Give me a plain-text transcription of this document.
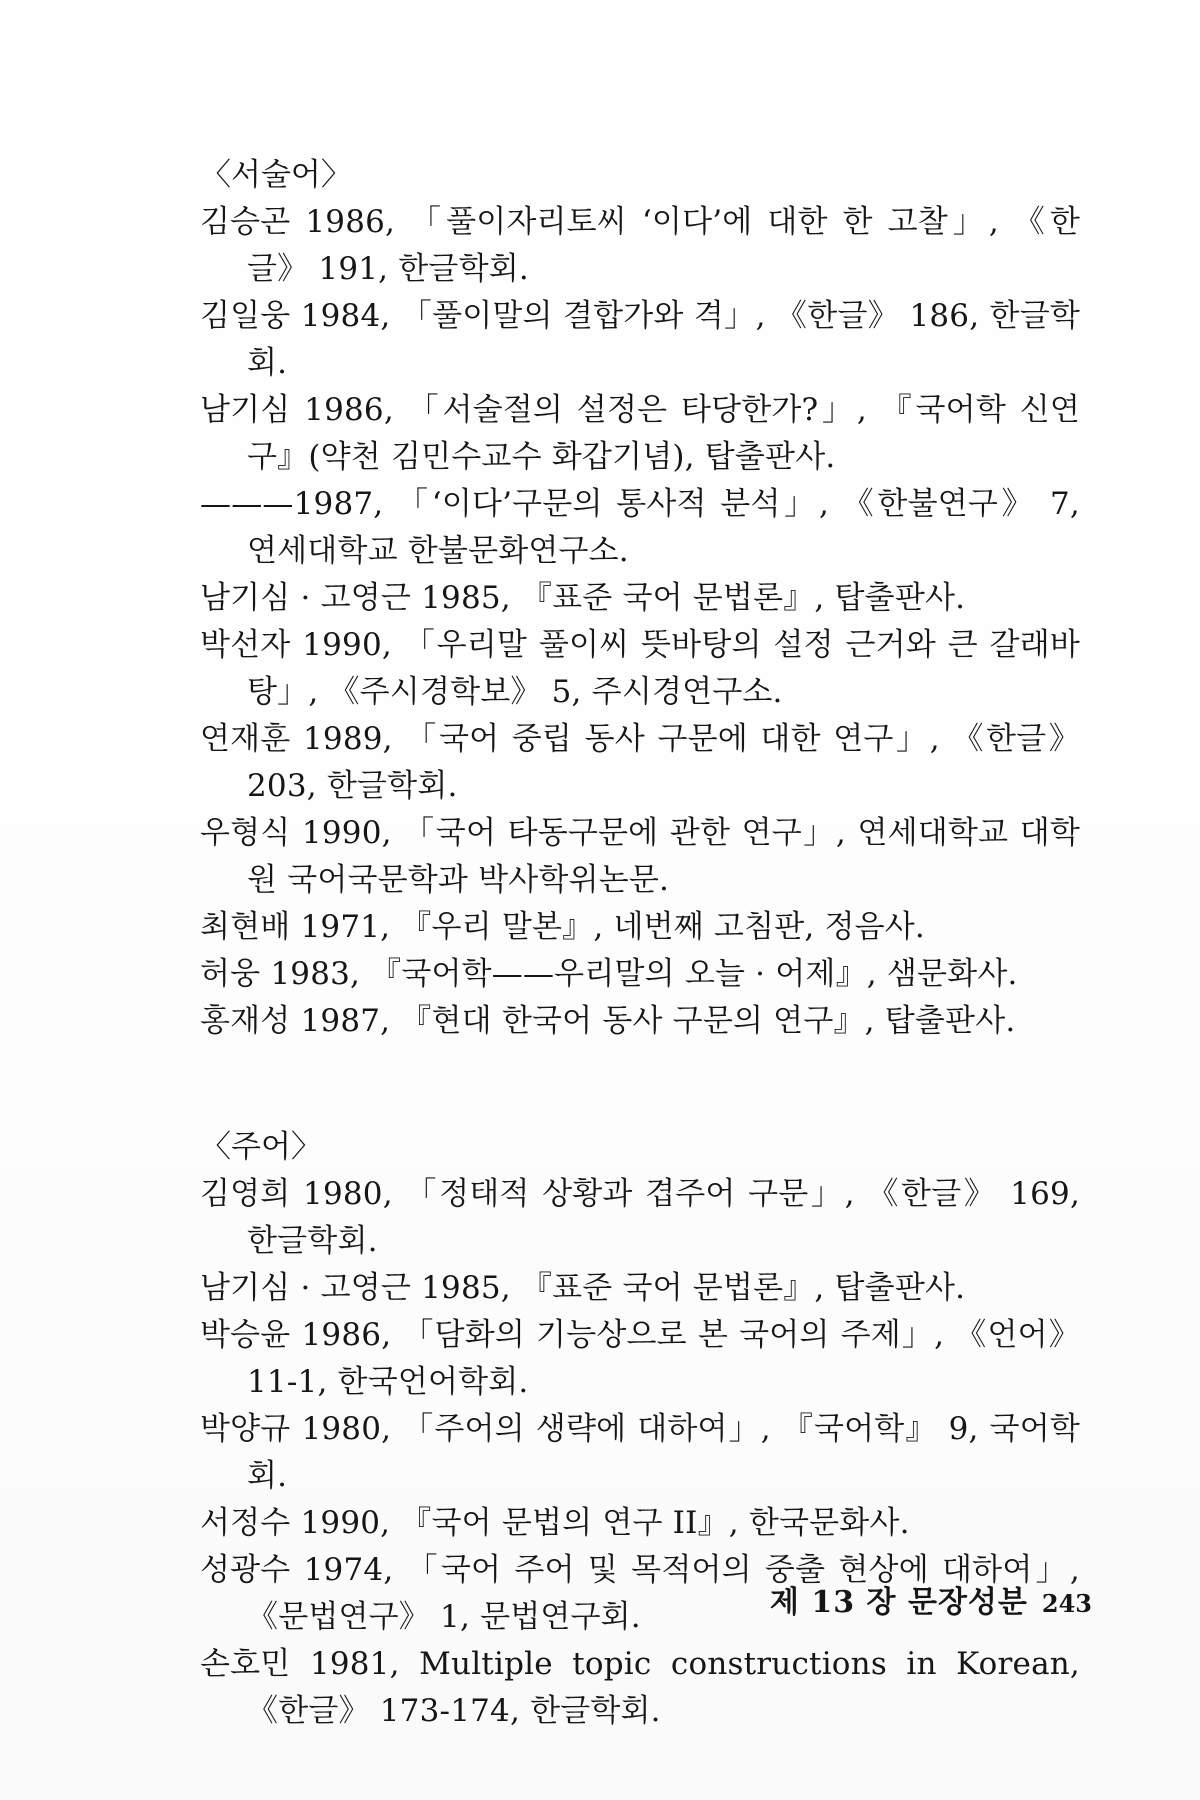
〈서술어〉

김승곤 1986, 「풀이자리토씨 ‘이다’에 대한 한 고찰」, 《한글》 191, 한글학회.

김일웅 1984, 「풀이말의 결합가와 격」, 《한글》 186, 한글학회.

남기심 1986, 「서술절의 설정은 타당한가?」, 『국어학 신연구』(약천 김민수교수 화갑기념), 탑출판사.

———1987, 「‘이다’구문의 통사적 분석」, 《한불연구》 7, 연세대학교 한불문화연구소.

남기심 · 고영근 1985, 『표준 국어 문법론』, 탑출판사.

박선자 1990, 「우리말 풀이씨 뜻바탕의 설정 근거와 큰 갈래바탕」, 《주시경학보》 5, 주시경연구소.

연재훈 1989, 「국어 중립 동사 구문에 대한 연구」, 《한글》 203, 한글학회.

우형식 1990, 「국어 타동구문에 관한 연구」, 연세대학교 대학원 국어국문학과 박사학위논문.

최현배 1971, 『우리 말본』, 네번째 고침판, 정음사.

허웅 1983, 『국어학——우리말의 오늘 · 어제』, 샘문화사.

홍재성 1987, 『현대 한국어 동사 구문의 연구』, 탑출판사.

〈주어〉

김영희 1980, 「정태적 상황과 겹주어 구문」, 《한글》 169, 한글학회.

남기심 · 고영근 1985, 『표준 국어 문법론』, 탑출판사.

박승윤 1986, 「담화의 기능상으로 본 국어의 주제」, 《언어》 11-1, 한국언어학회.

박양규 1980, 「주어의 생략에 대하여」, 『국어학』 9, 국어학회.

서정수 1990, 『국어 문법의 연구 II』, 한국문화사.

성광수 1974, 「국어 주어 및 목적어의 중출 현상에 대하여」, 《문법연구》 1, 문법연구회.

손호민 1981, Multiple topic constructions in Korean, 《한글》 173-174, 한글학회.

제 13 장 문장성분 243
